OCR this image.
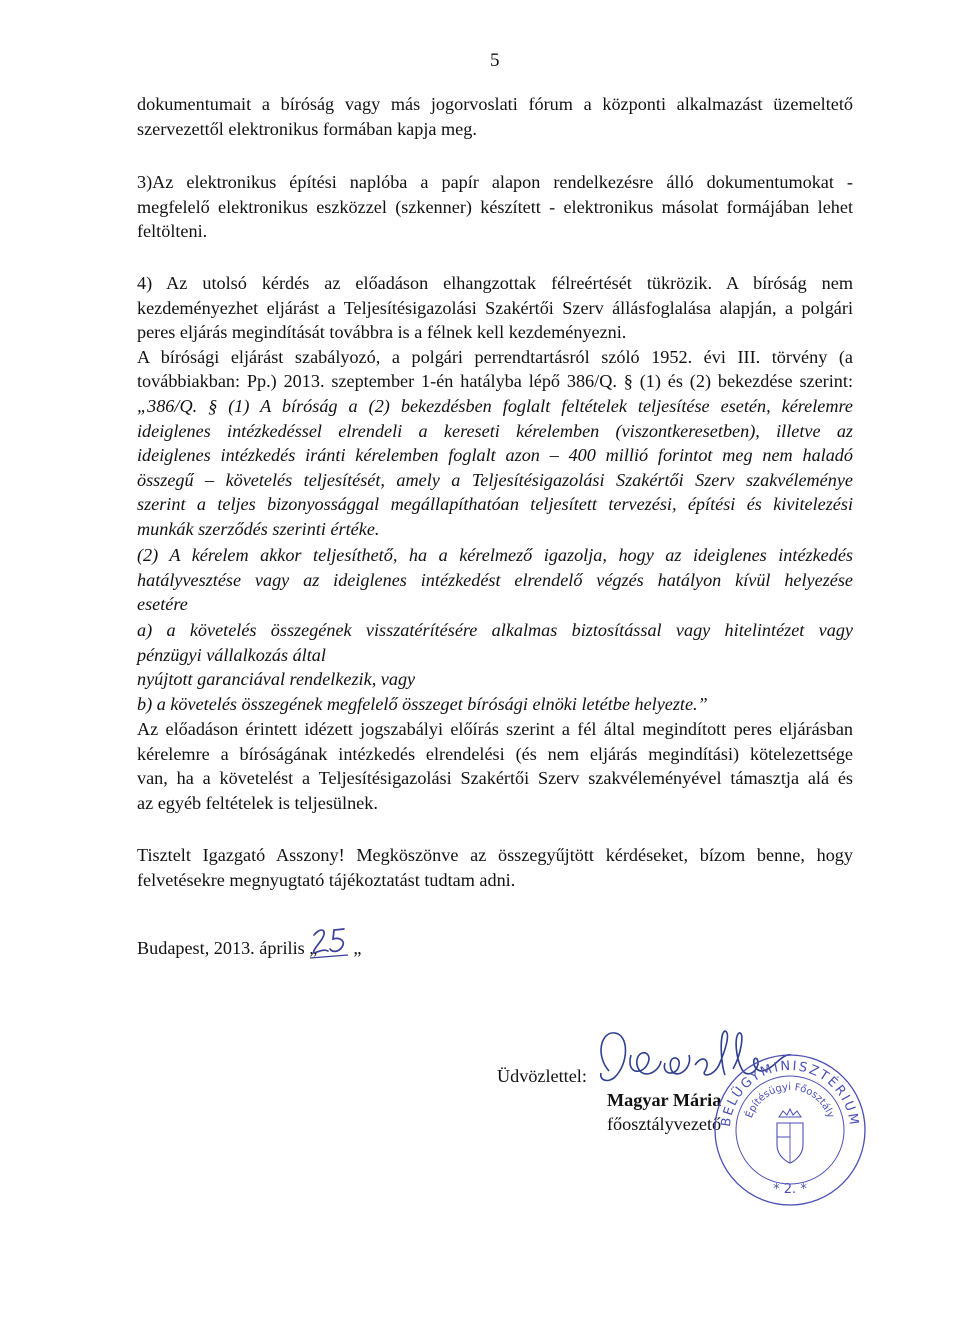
5
dokumentumait a bíróság vagy más jogorvoslati fórum a központi alkalmazást üzemeltető
szervezettől elektronikus formában kapja meg.
3)Az elektronikus építési naplóba a papír alapon rendelkezésre álló dokumentumokat -
megfelelő elektronikus eszközzel (szkenner) készített - elektronikus másolat formájában lehet
feltölteni.
4) Az utolsó kérdés az előadáson elhangzottak félreértését tükrözik. A bíróság nem
kezdeményezhet eljárást a Teljesítésigazolási Szakértői Szerv állásfoglalása alapján, a polgári
peres eljárás megindítását továbbra is a félnek kell kezdeményezni.
A bírósági eljárást szabályozó, a polgári perrendtartásról szóló 1952. évi III. törvény (a
továbbiakban: Pp.) 2013. szeptember 1-én hatályba lépő 386/Q. § (1) és (2) bekezdése szerint:
„386/Q. § (1) A bíróság a (2) bekezdésben foglalt feltételek teljesítése esetén, kérelemre
ideiglenes intézkedéssel elrendeli a kereseti kérelemben (viszontkeresetben), illetve az
ideiglenes intézkedés iránti kérelemben foglalt azon – 400 millió forintot meg nem haladó
összegű – követelés teljesítését, amely a Teljesítésigazolási Szakértői Szerv szakvéleménye
szerint a teljes bizonyossággal megállapíthatóan teljesített tervezési, építési és kivitelezési
munkák szerződés szerinti értéke.
(2) A kérelem akkor teljesíthető, ha a kérelmező igazolja, hogy az ideiglenes intézkedés
hatályvesztése vagy az ideiglenes intézkedést elrendelő végzés hatályon kívül helyezése
esetére
a) a követelés összegének visszatérítésére alkalmas biztosítással vagy hitelintézet vagy
pénzügyi vállalkozás által
nyújtott garanciával rendelkezik, vagy
b) a követelés összegének megfelelő összeget bírósági elnöki letétbe helyezte.”
Az előadáson érintett idézett jogszabályi előírás szerint a fél által megindított peres eljárásban
kérelemre a bíróságának intézkedés elrendelési (és nem eljárás megindítási) kötelezettsége
van, ha a követelést a Teljesítésigazolási Szakértői Szerv szakvéleményével támasztja alá és
az egyéb feltételek is teljesülnek.
Tisztelt Igazgató Asszony! Megköszönve az összegyűjtött kérdéseket, bízom benne, hogy
felvetésekre megnyugtató tájékoztatást tudtam adni.
Budapest, 2013. április „ „
Üdvözlettel:
Magyar Mária
főosztályvezető
BELÜGYMINISZTÉRIUM
Építésügyi Főosztály
* 2. *
